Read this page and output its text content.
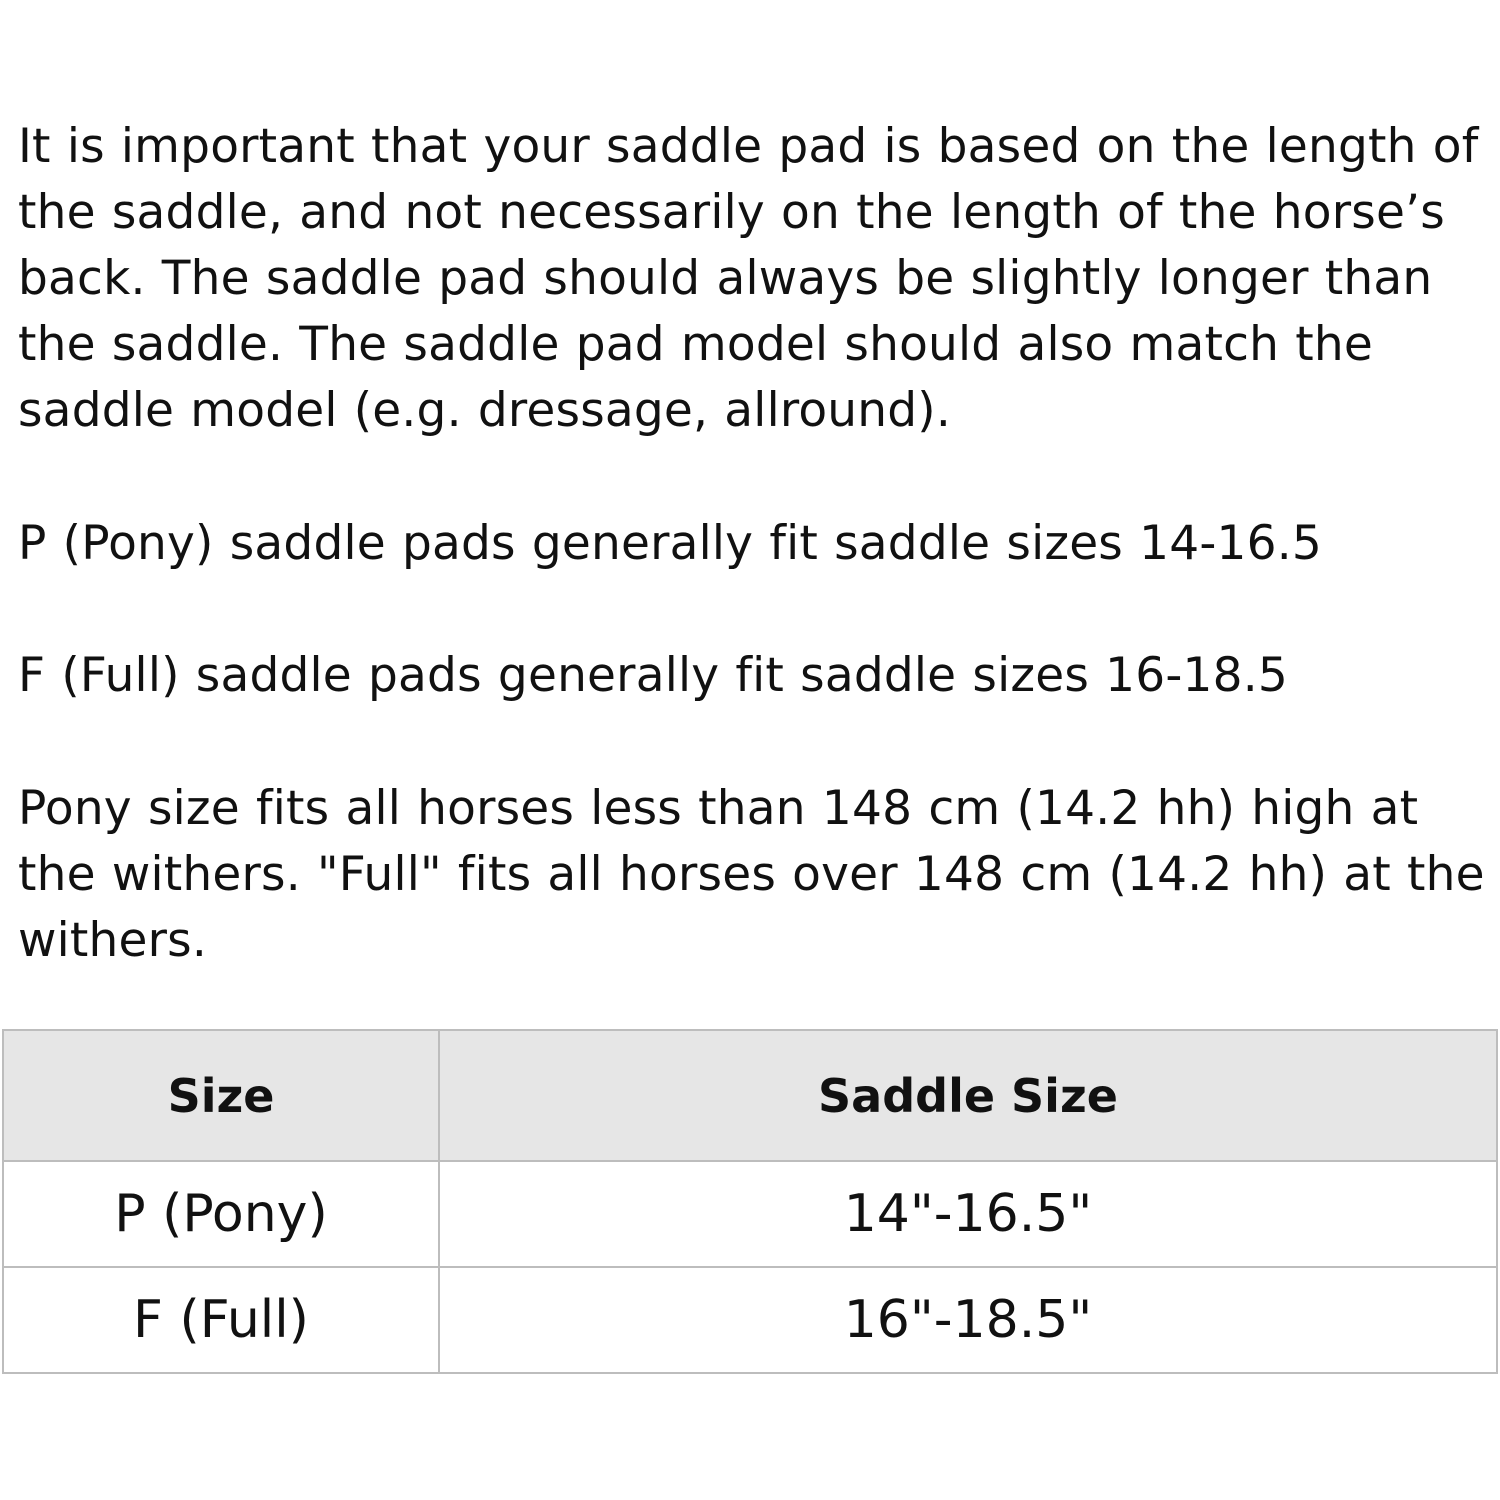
It is important that your saddle pad is based on the length of the saddle, and not necessarily on the length of the horse’s back. The saddle pad should always be slightly longer than the saddle. The saddle pad model should also match the saddle model (e.g. dressage, allround).

P (Pony) saddle pads generally fit saddle sizes 14-16.5

F (Full) saddle pads generally fit saddle sizes 16-18.5

Pony size fits all horses less than 148 cm (14.2 hh) high at the withers. "Full" fits all horses over 148 cm (14.2 hh) at the withers.

Size	Saddle Size
P (Pony)	14"-16.5"
F (Full)	16"-18.5"
